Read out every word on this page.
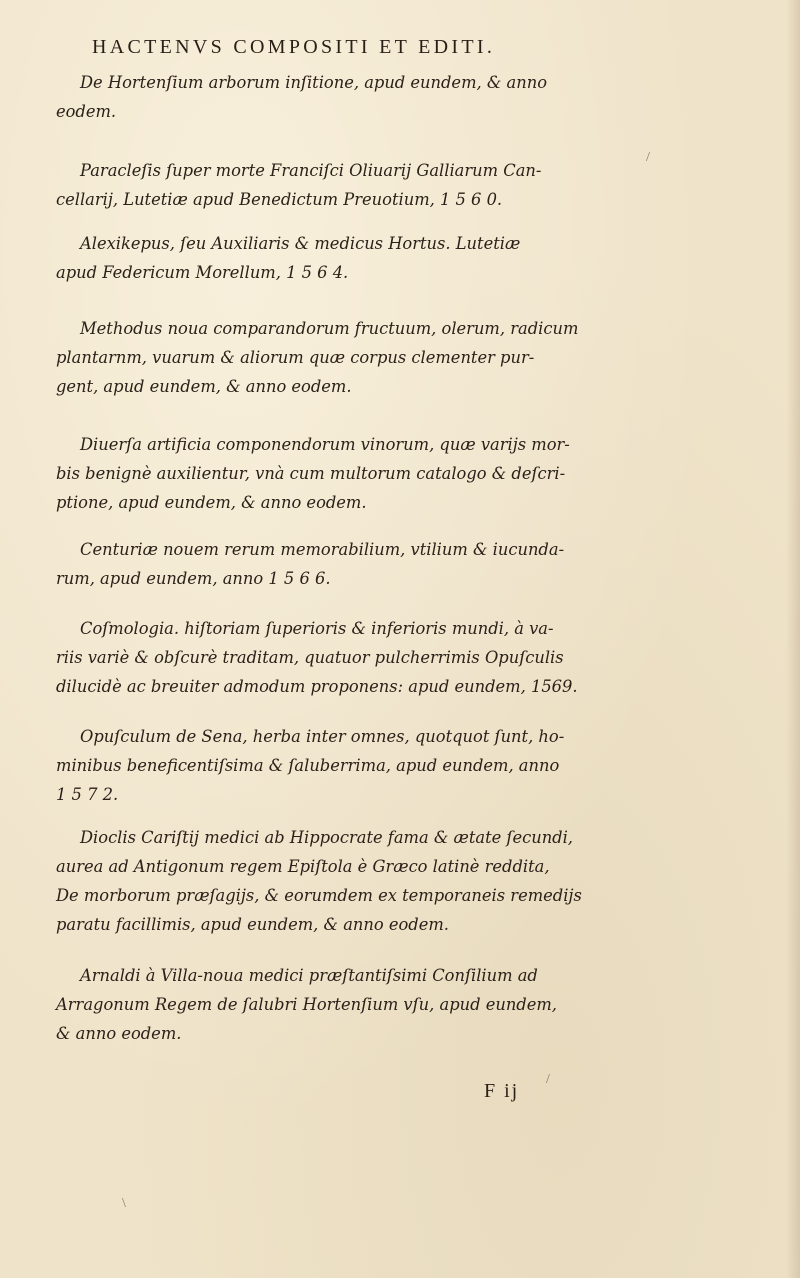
HACTENVS COMPOSITI ET EDITI.

De Hortenſium arborum inſitione, apud eundem, & anno
eodem.

Paracleſis ſuper morte Franciſci Oliuarij Galliarum Can-
cellarij, Lutetiæ apud Benedictum Preuotium, 1 5 6 0.

Alexikepus, ſeu Auxiliaris & medicus Hortus. Lutetiæ
apud Federicum Morellum, 1 5 6 4.

Methodus noua comparandorum fructuum, olerum, radicum
plantarnm, vuarum & aliorum quæ corpus clementer pur-
gent, apud eundem, & anno eodem.

Diuerſa artificia componendorum vinorum, quæ varijs mor-
bis benignè auxilientur, vnà cum multorum catalogo & deſcri-
ptione, apud eundem, & anno eodem.

Centuriæ nouem rerum memorabilium, vtilium & iucunda-
rum, apud eundem, anno 1 5 6 6.

Coſmologia. hiſtoriam ſuperioris & inferioris mundi, à va-
riis variè & obſcurè traditam, quatuor pulcherrimis Opuſculis
dilucidè ac breuiter admodum proponens: apud eundem, 1569.

Opuſculum de Sena, herba inter omnes, quotquot ſunt, ho-
minibus beneficentiſsima & ſaluberrima, apud eundem, anno
1 5 7 2.

Dioclis Cariſtij medici ab Hippocrate fama & ætate ſecundi,
aurea ad Antigonum regem Epiſtola è Græco latinè reddita,
De morborum præſagijs, & eorumdem ex temporaneis remedijs
paratu facillimis, apud eundem, & anno eodem.

Arnaldi à Villa-noua medici præſtantiſsimi Conſilium ad
Arragonum Regem de ſalubri Hortenſium vſu, apud eundem,
& anno eodem.

F ij
/
/
\
